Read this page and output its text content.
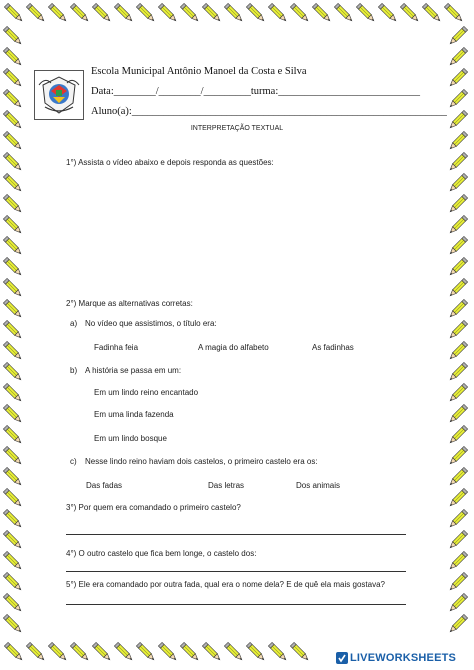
Escola Municipal Antônio Manoel da Costa e Silva
Data:________/________/_________turma:___________________________
Aluno(a):____________________________________________________________
INTERPRETAÇÃO TEXTUAL
1°) Assista o vídeo abaixo e depois responda as questões:
2°) Marque as alternativas corretas:
a) No vídeo que assistimos, o título era:
Fadinha feia	A magia do alfabeto	As fadinhas
b) A história se passa em um:
Em um lindo reino encantado
Em uma linda fazenda
Em um lindo bosque
c) Nesse lindo reino haviam dois castelos, o primeiro castelo era os:
Das fadas	Das letras	Dos animais
3°) Por quem era comandado o primeiro castelo?
4°) O outro castelo que fica bem longe, o castelo dos:
5°) Ele era comandado por outra fada, qual era o nome dela? E de quê ela mais gostava?
LIVEWORKSHEETS
